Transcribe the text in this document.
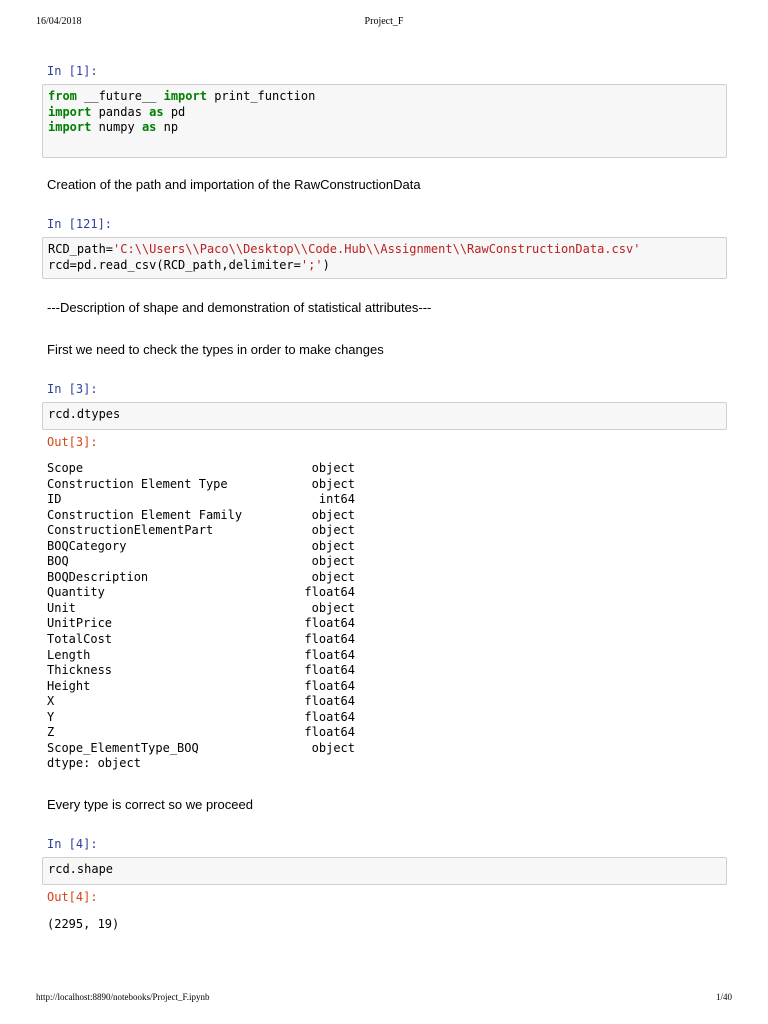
16/04/2018	Project_F
In [1]:
from __future__ import print_function
import pandas as pd
import numpy as np
Creation of the path and importation of the RawConstructionData
In [121]:
RCD_path='C:\\Users\\Paco\\Desktop\\Code.Hub\\Assignment\\RawConstructionData.csv'
rcd=pd.read_csv(RCD_path,delimiter=';')
---Description of shape and demonstration of statistical attributes---
First we need to check the types in order to make changes
In [3]:
rcd.dtypes
Out[3]:
Scope	object
Construction Element Type	object
ID	int64
Construction Element Family	object
ConstructionElementPart	object
BOQCategory	object
BOQ	object
BOQDescription	object
Quantity	float64
Unit	object
UnitPrice	float64
TotalCost	float64
Length	float64
Thickness	float64
Height	float64
X	float64
Y	float64
Z	float64
Scope_ElementType_BOQ	object
dtype: object
Every type is correct so we proceed
In [4]:
rcd.shape
Out[4]:
(2295, 19)
http://localhost:8890/notebooks/Project_F.ipynb	1/40
